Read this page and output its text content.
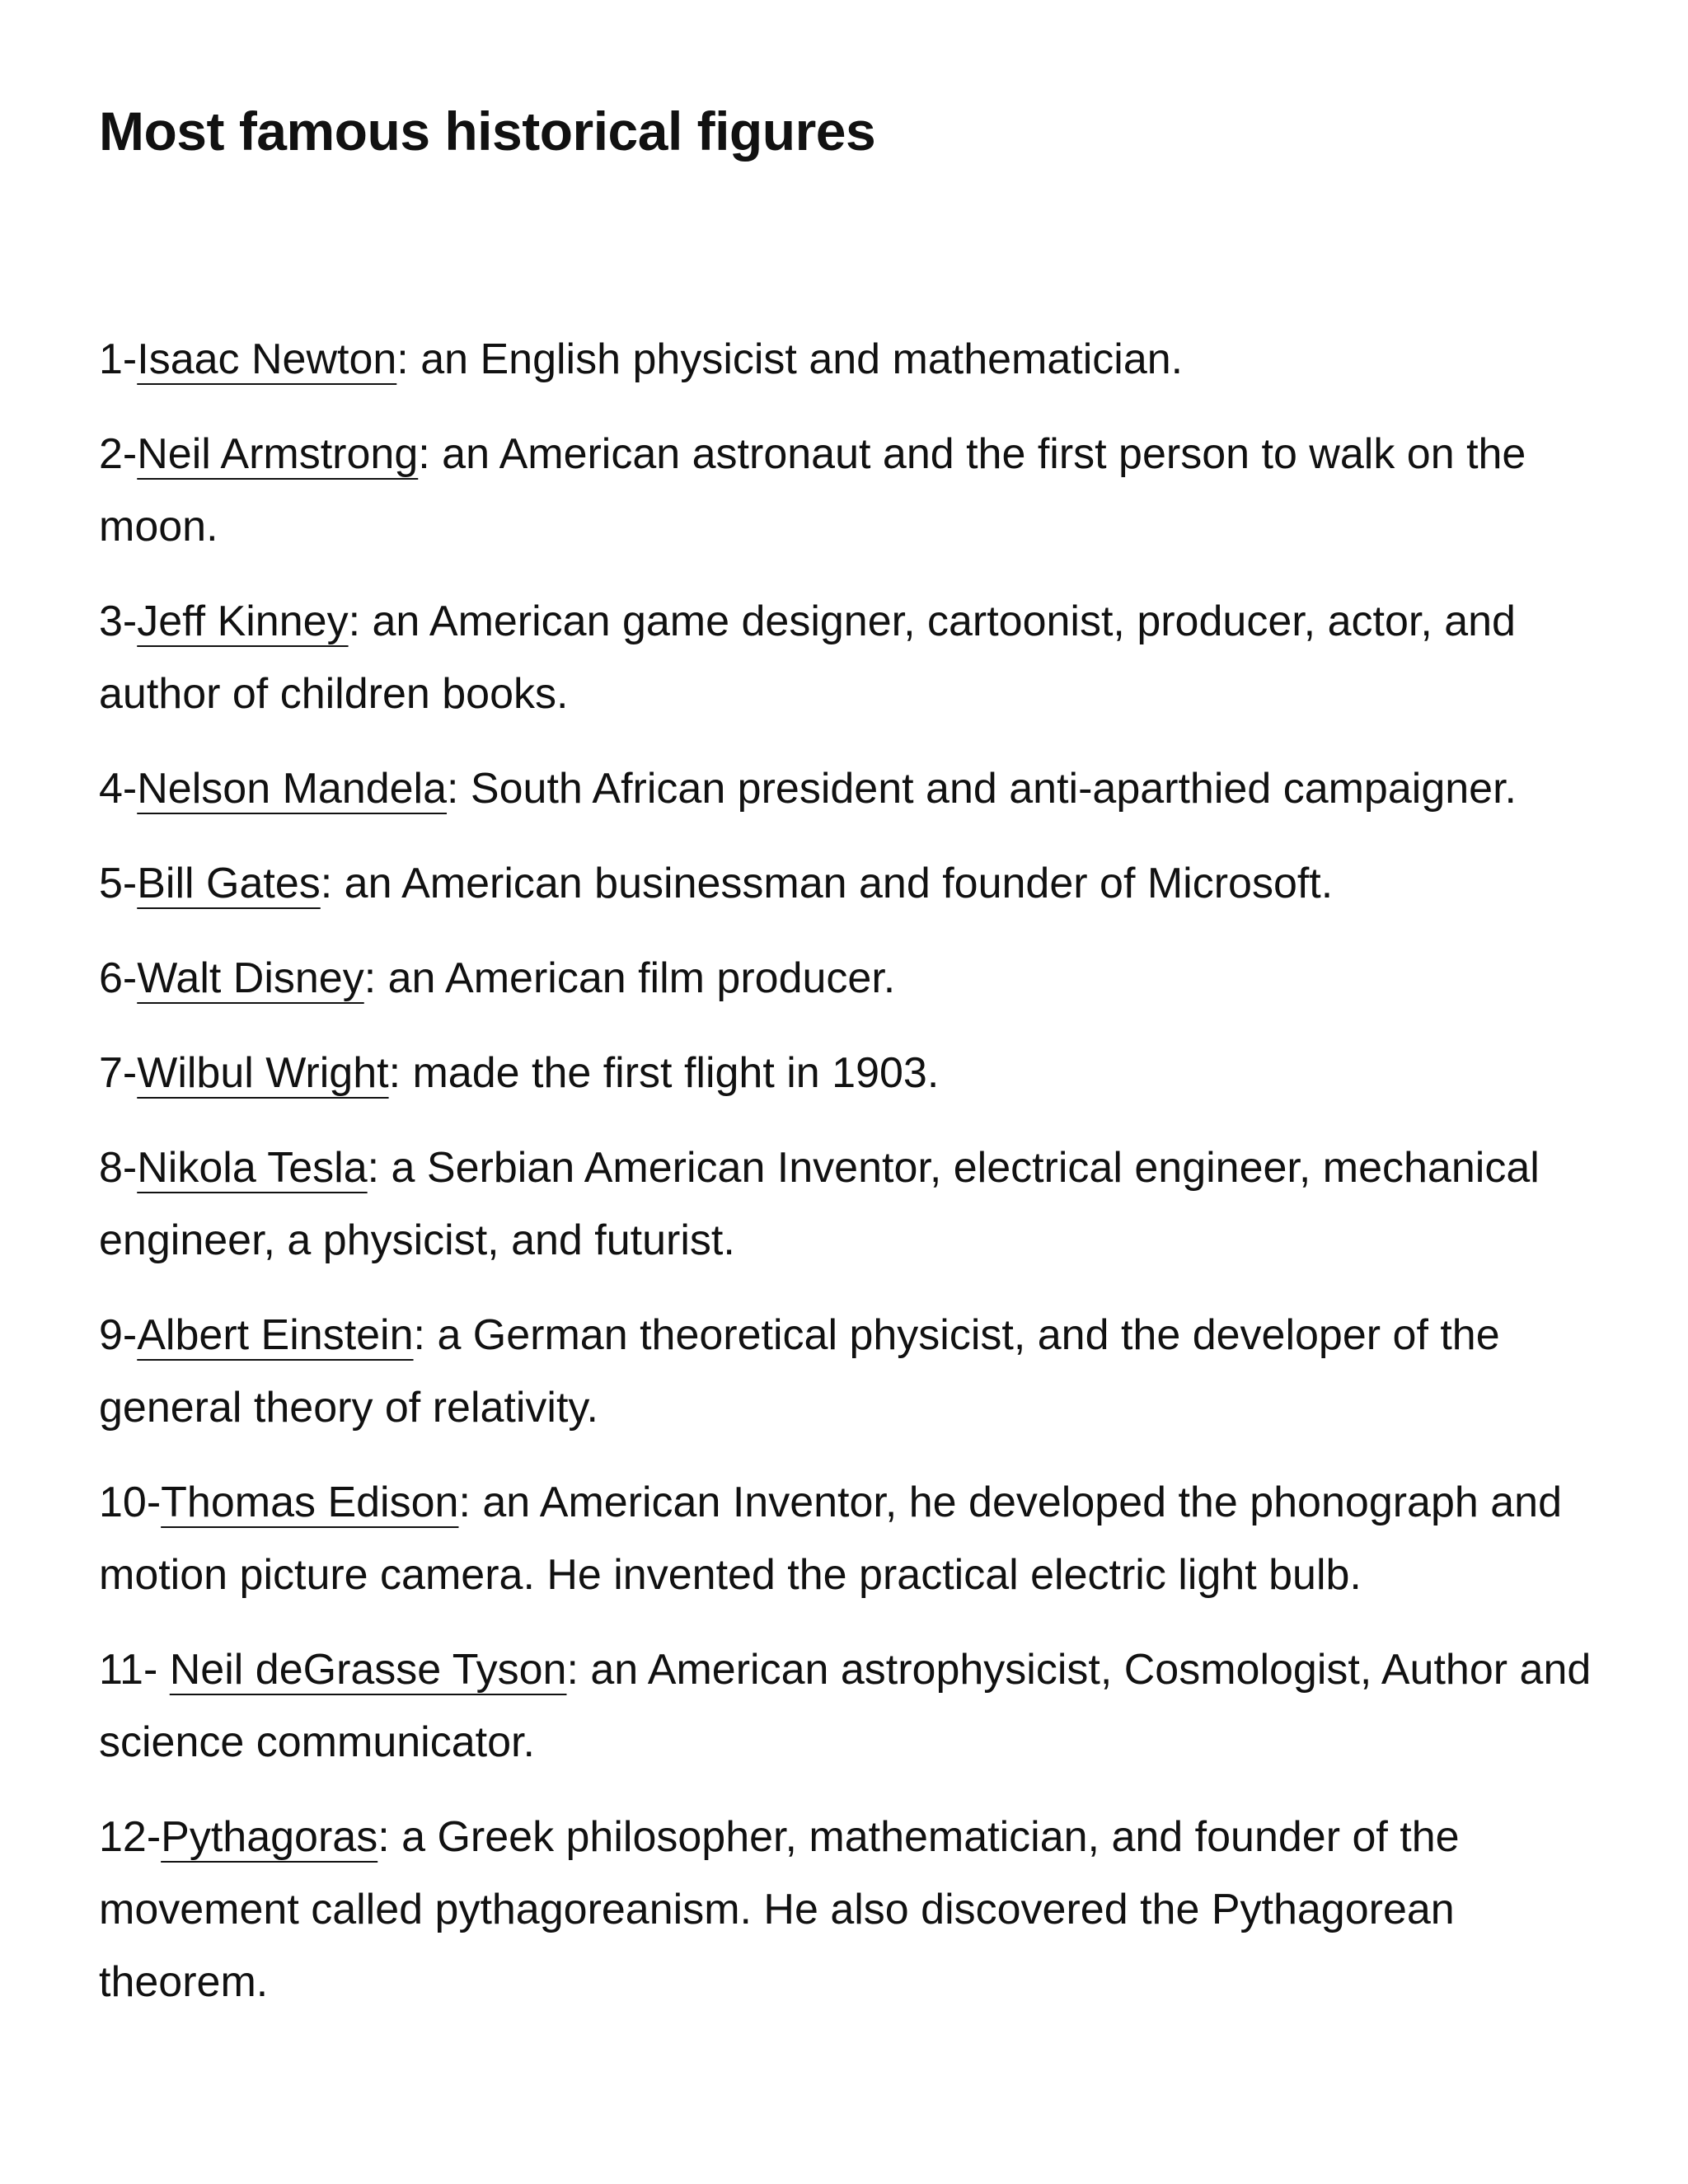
Most famous historical figures

1-Isaac Newton: an English physicist and mathematician.

2-Neil Armstrong: an American astronaut and the first person to walk on the moon.

3-Jeff Kinney: an American game designer, cartoonist, producer, actor, and author of children books.

4-Nelson Mandela: South African president and anti-aparthied campaigner.

5-Bill Gates: an American businessman and founder of Microsoft.

6-Walt Disney: an American film producer.

7-Wilbul Wright: made the first flight in 1903.

8-Nikola Tesla: a Serbian American Inventor, electrical engineer, mechanical engineer, a physicist, and futurist.

9-Albert Einstein: a German theoretical physicist, and the developer of the general theory of relativity.

10-Thomas Edison: an American Inventor, he developed the phonograph and motion picture camera. He invented the practical electric light bulb.

11- Neil deGrasse Tyson: an American astrophysicist, Cosmologist, Author and science communicator.

12-Pythagoras: a Greek philosopher, mathematician, and founder of the movement called pythagoreanism. He also discovered the Pythagorean theorem.
